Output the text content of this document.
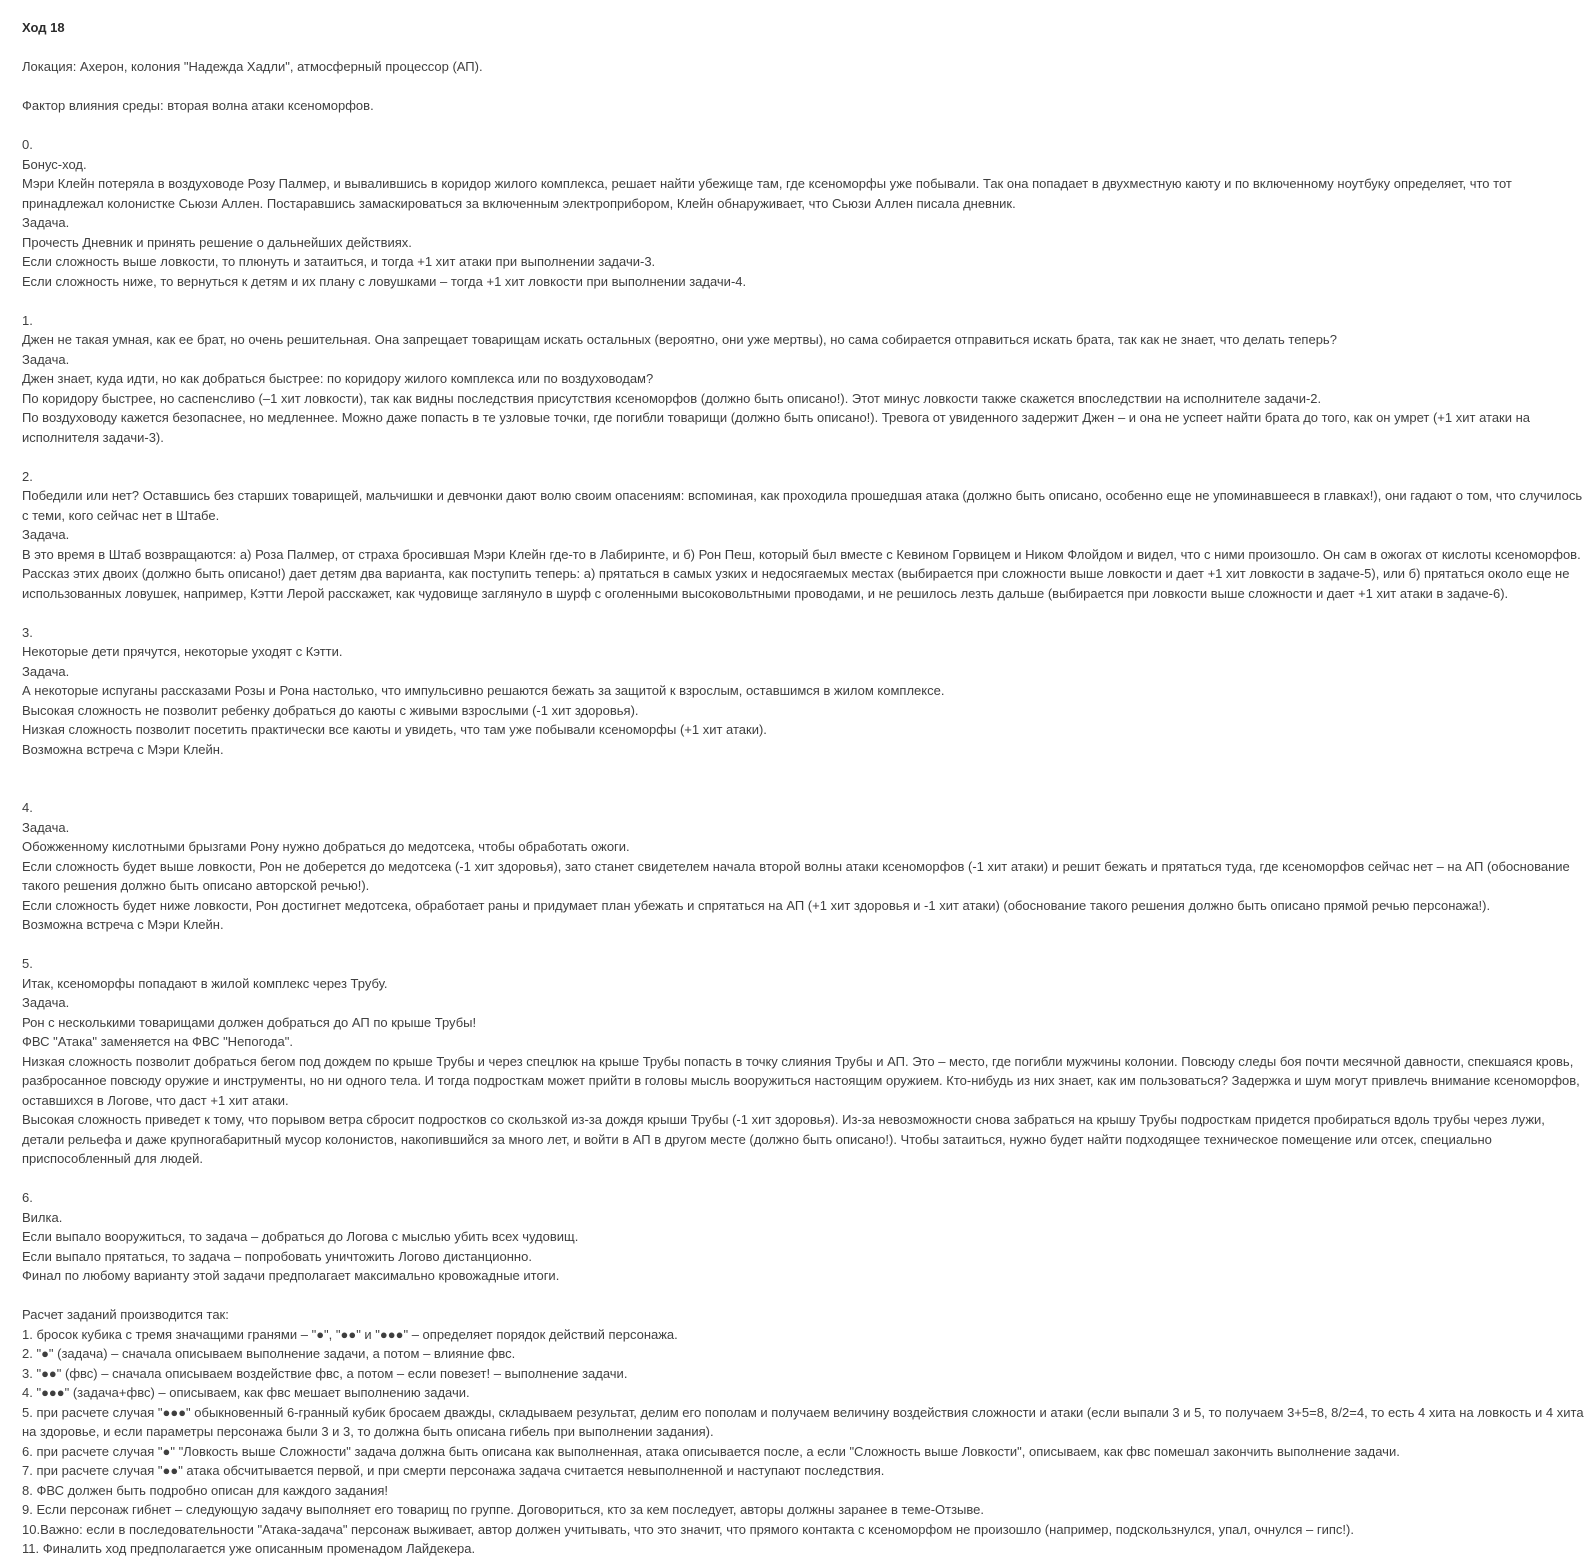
Ход 18

Локация: Ахерон, колония "Надежда Хадли", атмосферный процессор (АП).

Фактор влияния среды: вторая волна атаки ксеноморфов.

0.

Бонус-ход.

Мэри Клейн потеряла в воздуховоде Розу Палмер, и вывалившись в коридор жилого комплекса, решает найти убежище там, где ксеноморфы уже побывали. Так она попадает в двухместную каюту и по включенному ноутбуку определяет, что тот принадлежал колонистке Сьюзи Аллен. Постаравшись замаскироваться за включенным электроприбором, Клейн обнаруживает, что Сьюзи Аллен писала дневник.

Задача.

Прочесть Дневник и принять решение о дальнейших действиях.

Если сложность выше ловкости, то плюнуть и затаиться, и тогда +1 хит атаки при выполнении задачи-3.

Если сложность ниже, то вернуться к детям и их плану с ловушками – тогда +1 хит ловкости при выполнении задачи-4.

1.

Джен не такая умная, как ее брат, но очень решительная. Она запрещает товарищам искать остальных (вероятно, они уже мертвы), но сама собирается отправиться искать брата, так как не знает, что делать теперь?

Задача.

Джен знает, куда идти, но как добраться быстрее: по коридору жилого комплекса или по воздуховодам?

По коридору быстрее, но саспенсливо (–1 хит ловкости), так как видны последствия присутствия ксеноморфов (должно быть описано!). Этот минус ловкости также скажется впоследствии на исполнителе задачи-2.

По воздуховоду кажется безопаснее, но медленнее. Можно даже попасть в те узловые точки, где погибли товарищи (должно быть описано!). Тревога от увиденного задержит Джен – и она не успеет найти брата до того, как он умрет (+1 хит атаки на исполнителя задачи-3).

2.

Победили или нет? Оставшись без старших товарищей, мальчишки и девчонки дают волю своим опасениям: вспоминая, как проходила прошедшая атака (должно быть описано, особенно еще не упоминавшееся в главках!), они гадают о том, что случилось с теми, кого сейчас нет в Штабе.

Задача.

В это время в Штаб возвращаются: а) Роза Палмер, от страха бросившая Мэри Клейн где-то в Лабиринте, и б) Рон Пеш, который был вместе с Кевином Горвицем и Ником Флойдом и видел, что с ними произошло. Он сам в ожогах от кислоты ксеноморфов. Рассказ этих двоих (должно быть описано!) дает детям два варианта, как поступить теперь: а) прятаться в самых узких и недосягаемых местах (выбирается при сложности выше ловкости и дает +1 хит ловкости в задаче-5), или б) прятаться около еще не использованных ловушек, например, Кэтти Лерой расскажет, как чудовище заглянуло в шурф с оголенными высоковольтными проводами, и не решилось лезть дальше (выбирается при ловкости выше сложности и дает +1 хит атаки в задаче-6).

3.

Некоторые дети прячутся, некоторые уходят с Кэтти.

Задача.

А некоторые испуганы рассказами Розы и Рона настолько, что импульсивно решаются бежать за защитой к взрослым, оставшимся в жилом комплексе.

Высокая сложность не позволит ребенку добраться до каюты с живыми взрослыми (-1 хит здоровья).

Низкая сложность позволит посетить практически все каюты и увидеть, что там уже побывали ксеноморфы (+1 хит атаки).

Возможна встреча с Мэри Клейн.

4.

Задача.

Обожженному кислотными брызгами Рону нужно добраться до медотсека, чтобы обработать ожоги.

Если сложность будет выше ловкости, Рон не доберется до медотсека (-1 хит здоровья), зато станет свидетелем начала второй волны атаки ксеноморфов (-1 хит атаки) и решит бежать и прятаться туда, где ксеноморфов сейчас нет – на АП (обоснование такого решения должно быть описано авторской речью!).

Если сложность будет ниже ловкости, Рон достигнет медотсека, обработает раны и придумает план убежать и спрятаться на АП (+1 хит здоровья и -1 хит атаки) (обоснование такого решения должно быть описано прямой речью персонажа!).

Возможна встреча с Мэри Клейн.

5.

Итак, ксеноморфы попадают в жилой комплекс через Трубу.

Задача.

Рон с несколькими товарищами должен добраться до АП по крыше Трубы!

ФВС "Атака" заменяется на ФВС "Непогода".

Низкая сложность позволит добраться бегом под дождем по крыше Трубы и через спецлюк на крыше Трубы попасть в точку слияния Трубы и АП. Это – место, где погибли мужчины колонии. Повсюду следы боя почти месячной давности, спекшаяся кровь, разбросанное повсюду оружие и инструменты, но ни одного тела. И тогда подросткам может прийти в головы мысль вооружиться настоящим оружием. Кто-нибудь из них знает, как им пользоваться? Задержка и шум могут привлечь внимание ксеноморфов, оставшихся в Логове, что даст +1 хит атаки.

Высокая сложность приведет к тому, что порывом ветра сбросит подростков со скользкой из-за дождя крыши Трубы (-1 хит здоровья). Из-за невозможности снова забраться на крышу Трубы подросткам придется пробираться вдоль трубы через лужи, детали рельефа и даже крупногабаритный мусор колонистов, накопившийся за много лет, и войти в АП в другом месте (должно быть описано!). Чтобы затаиться, нужно будет найти подходящее техническое помещение или отсек, специально приспособленный для людей.

6.

Вилка.

Если выпало вооружиться, то задача – добраться до Логова с мыслью убить всех чудовищ.

Если выпало прятаться, то задача – попробовать уничтожить Логово дистанционно.

Финал по любому варианту этой задачи предполагает максимально кровожадные итоги.

Расчет заданий производится так:

1. бросок кубика с тремя значащими гранями – "●", "●●" и "●●●" – определяет порядок действий персонажа.

2. "●" (задача) – сначала описываем выполнение задачи, а потом – влияние фвс.

3. "●●" (фвс) – сначала описываем воздействие фвс, а потом – если повезет! – выполнение задачи.

4. "●●●" (задача+фвс) – описываем, как фвс мешает выполнению задачи.

5. при расчете случая "●●●" обыкновенный 6-гранный кубик бросаем дважды, складываем результат, делим его пополам и получаем величину воздействия сложности и атаки (если выпали 3 и 5, то получаем 3+5=8, 8/2=4, то есть 4 хита на ловкость и 4 хита на здоровье, и если параметры персонажа были 3 и 3, то должна быть описана гибель при выполнении задания).

6. при расчете случая "●" "Ловкость выше Сложности" задача должна быть описана как выполненная, атака описывается после, а если "Сложность выше Ловкости", описываем, как фвс помешал закончить выполнение задачи.

7. при расчете случая "●●" атака обсчитывается первой, и при смерти персонажа задача считается невыполненной и наступают последствия.

8. ФВС должен быть подробно описан для каждого задания!

9. Если персонаж гибнет – следующую задачу выполняет его товарищ по группе. Договориться, кто за кем последует, авторы должны заранее в теме-Отзыве.

10.Важно: если в последовательности "Атака-задача" персонаж выживает, автор должен учитывать, что это значит, что прямого контакта с ксеноморфом не произошло (например, подскользнулся, упал, очнулся – гипс!).

11. Финалить ход предполагается уже описанным променадом Лайдекера.
